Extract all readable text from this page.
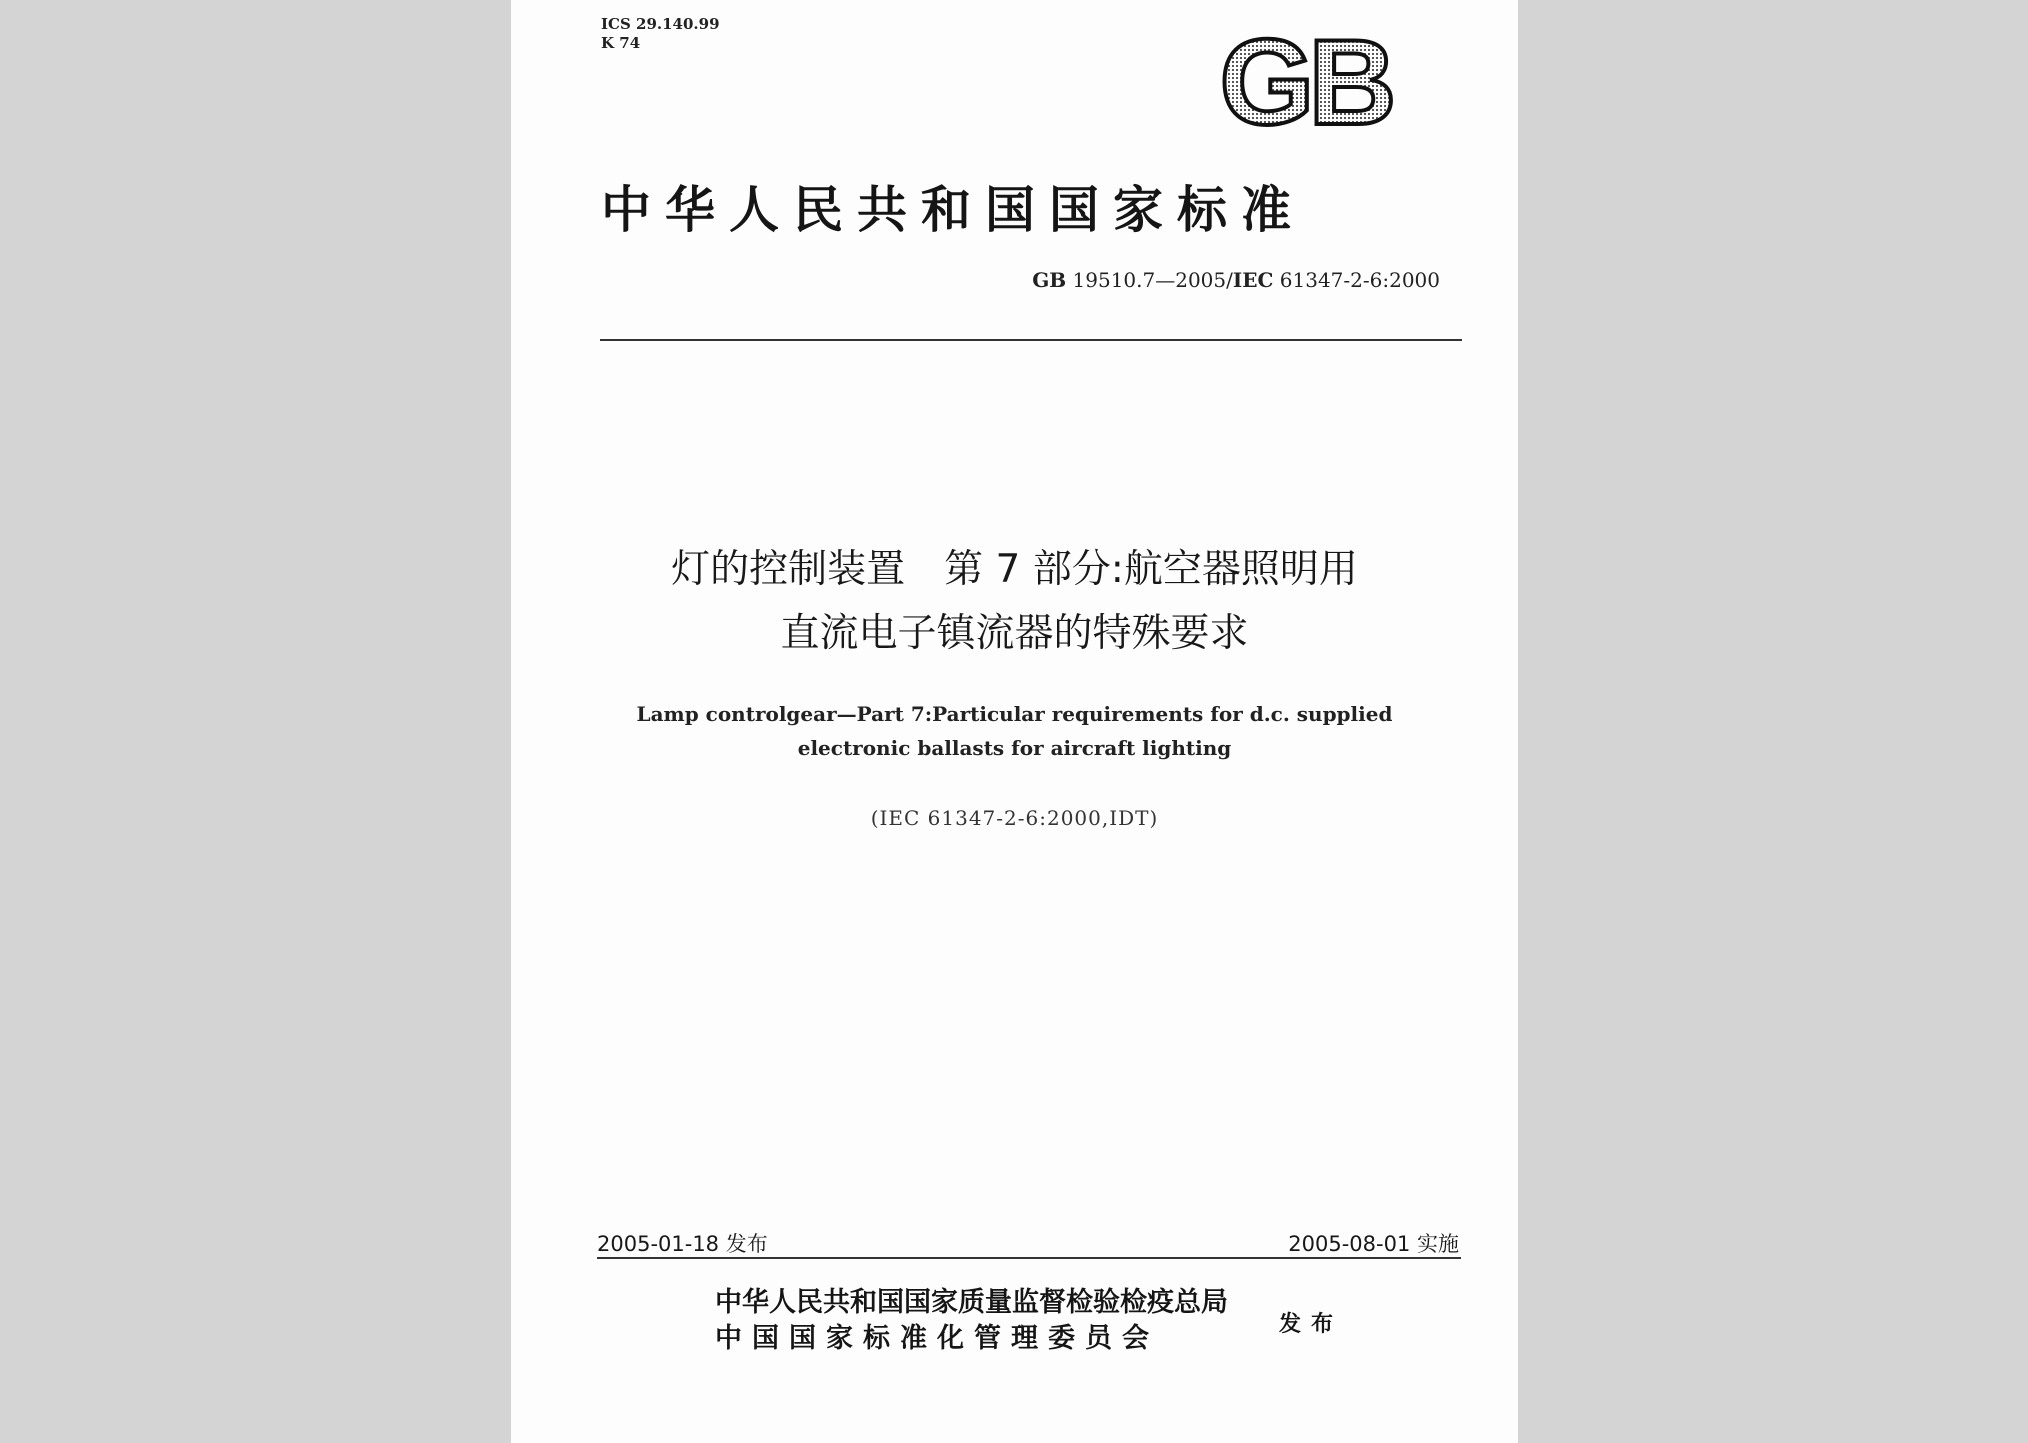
ICS 29.140.99
K 74	GB
中华人民共和国国家标准
GB 19510.7—2005/IEC 61347-2-6:2000
灯的控制装置　第 7 部分:航空器照明用
直流电子镇流器的特殊要求
Lamp controlgear—Part 7:Particular requirements for d.c. supplied
electronic ballasts for aircraft lighting
(IEC 61347-2-6:2000,IDT)
2005-01-18 发布	2005-08-01 实施
中华人民共和国国家质量监督检验检疫总局
中国国家标准化管理委员会	发布
